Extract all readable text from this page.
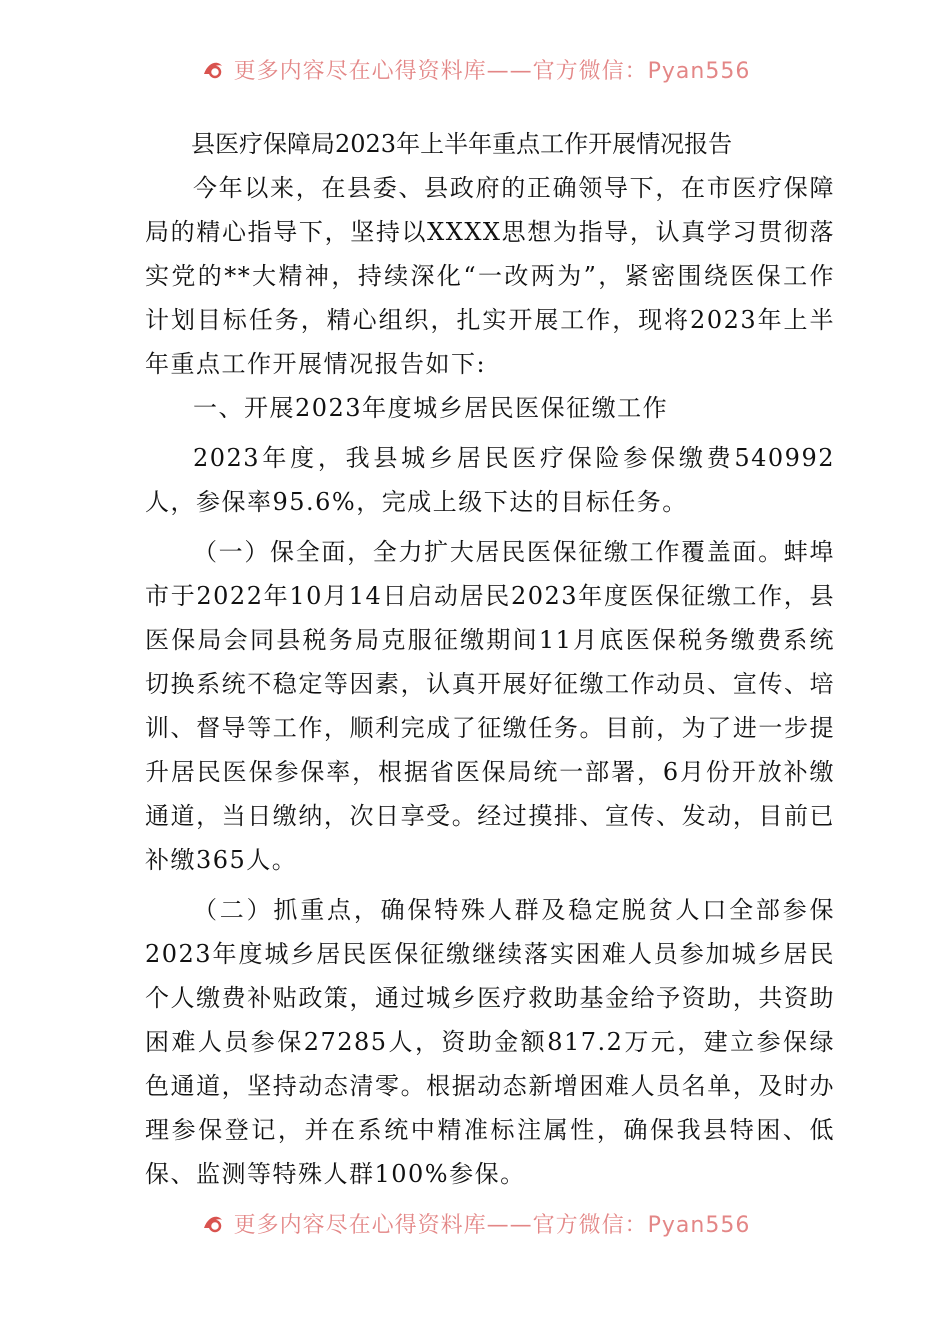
更多内容尽在心得资料库——官方微信：Pyan556
县医疗保障局2023年上半年重点工作开展情况报告

今年以来，在县委、县政府的正确领导下，在市医疗保障局的精心指导下，坚持以XXXX思想为指导，认真学习贯彻落实党的**大精神，持续深化“一改两为”，紧密围绕医保工作计划目标任务，精心组织，扎实开展工作，现将2023年上半年重点工作开展情况报告如下:

一、开展2023年度城乡居民医保征缴工作

2023年度，我县城乡居民医疗保险参保缴费540992人，参保率95.6%，完成上级下达的目标任务。

（一）保全面，全力扩大居民医保征缴工作覆盖面。蚌埠市于2022年10月14日启动居民2023年度医保征缴工作，县医保局会同县税务局克服征缴期间11月底医保税务缴费系统切换系统不稳定等因素，认真开展好征缴工作动员、宣传、培训、督导等工作，顺利完成了征缴任务。目前，为了进一步提升居民医保参保率，根据省医保局统一部署，6月份开放补缴通道，当日缴纳，次日享受。经过摸排、宣传、发动，目前已补缴365人。

（二）抓重点，确保特殊人群及稳定脱贫人口全部参保2023年度城乡居民医保征缴继续落实困难人员参加城乡居民个人缴费补贴政策，通过城乡医疗救助基金给予资助，共资助困难人员参保27285人，资助金额817.2万元，建立参保绿色通道，坚持动态清零。根据动态新增困难人员名单，及时办理参保登记，并在系统中精准标注属性，确保我县特困、低保、监测等特殊人群100%参保。

更多内容尽在心得资料库——官方微信：Pyan556
